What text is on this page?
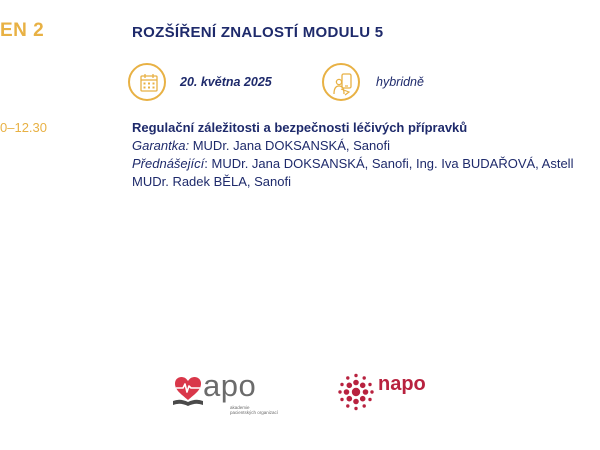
EN 2	ROZŠÍŘENÍ ZNALOSTÍ MODULU 5
20. května 2025	hybridně
0–12.30	Regulační záležitosti a bezpečnosti léčivých přípravků
Garantka: MUDr. Jana DOKSANSKÁ, Sanofi
Přednášející: MUDr. Jana DOKSANSKÁ, Sanofi, Ing. Iva BUDAŘOVÁ, Astell
MUDr. Radek BĚLA, Sanofi
apo
akademie
pacientských organizací
napo
